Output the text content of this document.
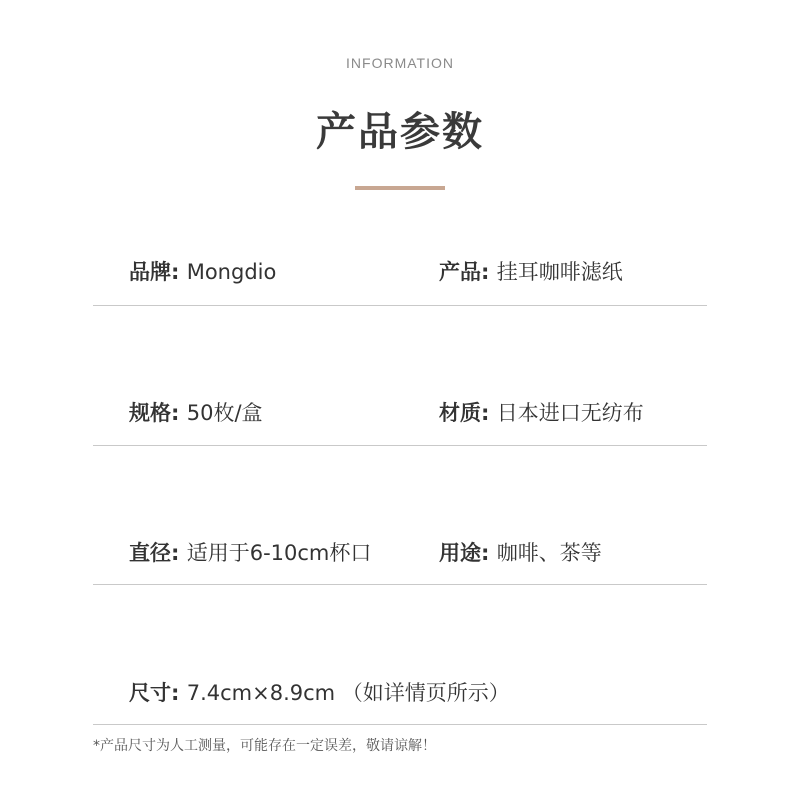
INFORMATION
产品参数
品牌: Mongdio	产品: 挂耳咖啡滤纸
规格: 50枚/盒	材质: 日本进口无纺布
直径: 适用于6-10cm杯口	用途: 咖啡、茶等
尺寸: 7.4cm×8.9cm （如详情页所示）
*产品尺寸为人工测量，可能存在一定误差，敬请谅解！
